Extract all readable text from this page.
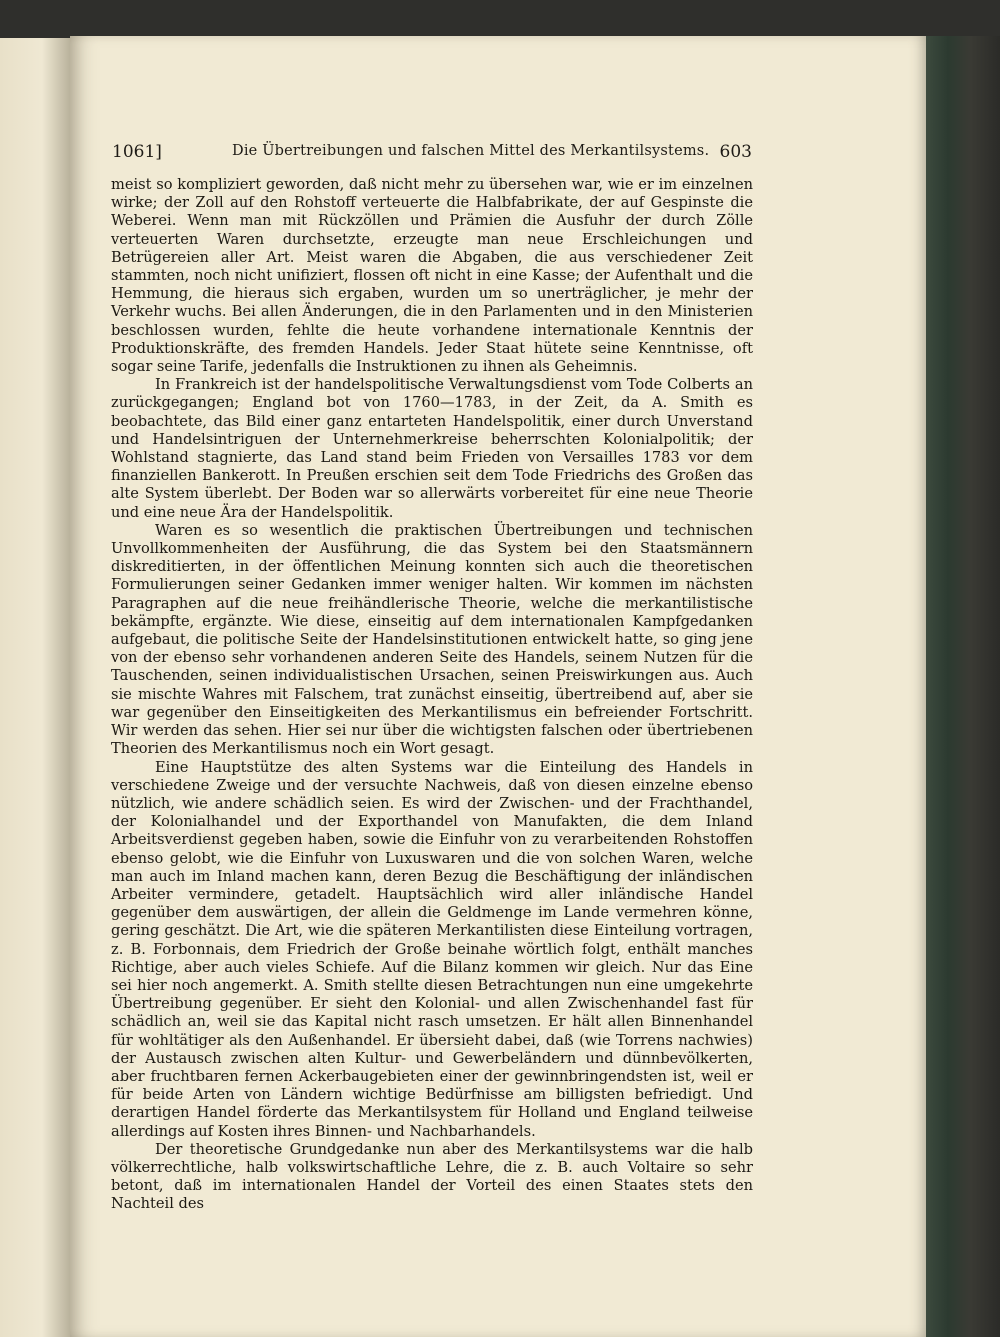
1061]	Die Übertreibungen und falschen Mittel des Merkantilsystems. 603

meist so kompliziert geworden, daß nicht mehr zu übersehen war, wie er im einzelnen wirke; der Zoll auf den Rohstoff verteuerte die Halbfabrikate, der auf Gespinste die Weberei. Wenn man mit Rückzöllen und Prämien die Ausfuhr der durch Zölle verteuerten Waren durchsetzte, erzeugte man neue Erschleichungen und Betrügereien aller Art. Meist waren die Abgaben, die aus verschiedener Zeit stammten, noch nicht unifiziert, flossen oft nicht in eine Kasse; der Aufenthalt und die Hemmung, die hieraus sich ergaben, wurden um so unerträglicher, je mehr der Verkehr wuchs. Bei allen Änderungen, die in den Parlamenten und in den Ministerien beschlossen wurden, fehlte die heute vorhandene internationale Kenntnis der Produktionskräfte, des fremden Handels. Jeder Staat hütete seine Kenntnisse, oft sogar seine Tarife, jedenfalls die Instruktionen zu ihnen als Geheimnis.

In Frankreich ist der handelspolitische Verwaltungsdienst vom Tode Colberts an zurückgegangen; England bot von 1760—1783, in der Zeit, da A. Smith es beobachtete, das Bild einer ganz entarteten Handelspolitik, einer durch Unverstand und Handelsintriguen der Unternehmerkreise beherrschten Kolonialpolitik; der Wohlstand stagnierte, das Land stand beim Frieden von Versailles 1783 vor dem finanziellen Bankerott. In Preußen erschien seit dem Tode Friedrichs des Großen das alte System überlebt. Der Boden war so allerwärts vorbereitet für eine neue Theorie und eine neue Ära der Handelspolitik.

Waren es so wesentlich die praktischen Übertreibungen und technischen Unvollkommenheiten der Ausführung, die das System bei den Staatsmännern diskreditierten, in der öffentlichen Meinung konnten sich auch die theoretischen Formulierungen seiner Gedanken immer weniger halten. Wir kommen im nächsten Paragraphen auf die neue freihändlerische Theorie, welche die merkantilistische bekämpfte, ergänzte. Wie diese, einseitig auf dem internationalen Kampfgedanken aufgebaut, die politische Seite der Handelsinstitutionen entwickelt hatte, so ging jene von der ebenso sehr vorhandenen anderen Seite des Handels, seinem Nutzen für die Tauschenden, seinen individualistischen Ursachen, seinen Preiswirkungen aus. Auch sie mischte Wahres mit Falschem, trat zunächst einseitig, übertreibend auf, aber sie war gegenüber den Einseitigkeiten des Merkantilismus ein befreiender Fortschritt. Wir werden das sehen. Hier sei nur über die wichtigsten falschen oder übertriebenen Theorien des Merkantilismus noch ein Wort gesagt.

Eine Hauptstütze des alten Systems war die Einteilung des Handels in verschiedene Zweige und der versuchte Nachweis, daß von diesen einzelne ebenso nützlich, wie andere schädlich seien. Es wird der Zwischen- und der Frachthandel, der Kolonialhandel und der Exporthandel von Manufakten, die dem Inland Arbeitsverdienst gegeben haben, sowie die Einfuhr von zu verarbeitenden Rohstoffen ebenso gelobt, wie die Einfuhr von Luxuswaren und die von solchen Waren, welche man auch im Inland machen kann, deren Bezug die Beschäftigung der inländischen Arbeiter vermindere, getadelt. Hauptsächlich wird aller inländische Handel gegenüber dem auswärtigen, der allein die Geldmenge im Lande vermehren könne, gering geschätzt. Die Art, wie die späteren Merkantilisten diese Einteilung vortragen, z. B. Forbonnais, dem Friedrich der Große beinahe wörtlich folgt, enthält manches Richtige, aber auch vieles Schiefe. Auf die Bilanz kommen wir gleich. Nur das Eine sei hier noch angemerkt. A. Smith stellte diesen Betrachtungen nun eine umgekehrte Übertreibung gegenüber. Er sieht den Kolonial- und allen Zwischenhandel fast für schädlich an, weil sie das Kapital nicht rasch umsetzen. Er hält allen Binnenhandel für wohltätiger als den Außenhandel. Er übersieht dabei, daß (wie Torrens nachwies) der Austausch zwischen alten Kultur- und Gewerbeländern und dünnbevölkerten, aber fruchtbaren fernen Ackerbaugebieten einer der gewinnbringendsten ist, weil er für beide Arten von Ländern wichtige Bedürfnisse am billigsten befriedigt. Und derartigen Handel förderte das Merkantilsystem für Holland und England teilweise allerdings auf Kosten ihres Binnen- und Nachbarhandels.

Der theoretische Grundgedanke nun aber des Merkantilsystems war die halb völkerrechtliche, halb volkswirtschaftliche Lehre, die z. B. auch Voltaire so sehr betont, daß im internationalen Handel der Vorteil des einen Staates stets den Nachteil des
